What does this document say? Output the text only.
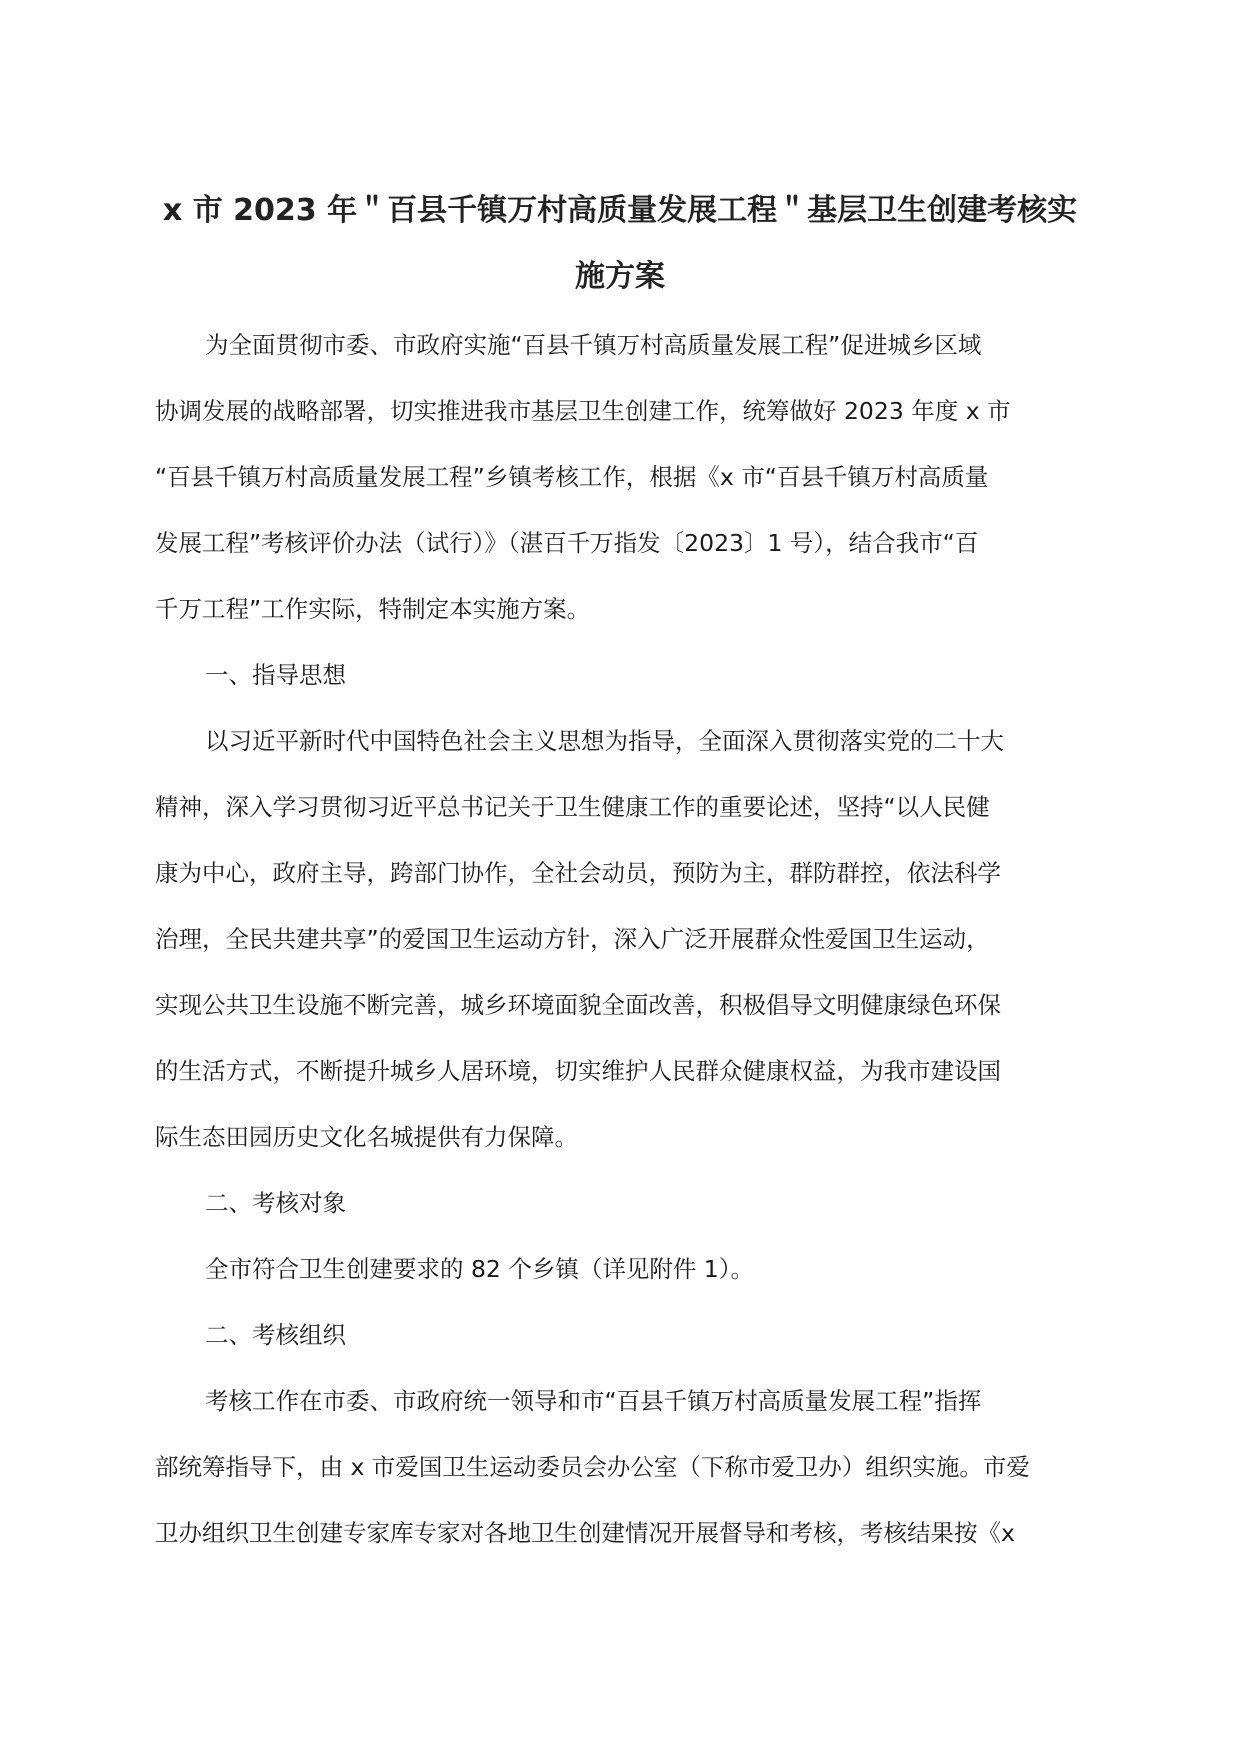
x 市 2023 年＂百县千镇万村高质量发展工程＂基层卫生创建考核实
施方案
为全面贯彻市委、市政府实施“百县千镇万村高质量发展工程”促进城乡区域
协调发展的战略部署，切实推进我市基层卫生创建工作，统筹做好 2023 年度 x 市
“百县千镇万村高质量发展工程”乡镇考核工作，根据《x 市“百县千镇万村高质量
发展工程”考核评价办法（试行）》（湛百千万指发〔2023〕1 号），结合我市“百
千万工程”工作实际，特制定本实施方案。
一、指导思想
以习近平新时代中国特色社会主义思想为指导，全面深入贯彻落实党的二十大
精神，深入学习贯彻习近平总书记关于卫生健康工作的重要论述，坚持“以人民健
康为中心，政府主导，跨部门协作，全社会动员，预防为主，群防群控，依法科学
治理，全民共建共享”的爱国卫生运动方针，深入广泛开展群众性爱国卫生运动，
实现公共卫生设施不断完善，城乡环境面貌全面改善，积极倡导文明健康绿色环保
的生活方式，不断提升城乡人居环境，切实维护人民群众健康权益，为我市建设国
际生态田园历史文化名城提供有力保障。
二、考核对象
全市符合卫生创建要求的 82 个乡镇（详见附件 1）。
二、考核组织
考核工作在市委、市政府统一领导和市“百县千镇万村高质量发展工程”指挥
部统筹指导下，由 x 市爱国卫生运动委员会办公室（下称市爱卫办）组织实施。市爱
卫办组织卫生创建专家库专家对各地卫生创建情况开展督导和考核，考核结果按《x
